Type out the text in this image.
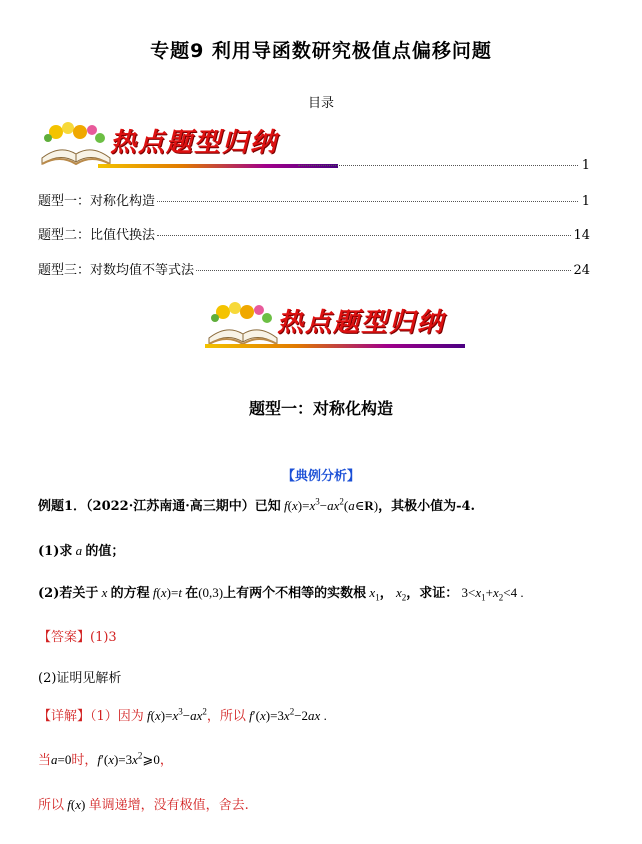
专题9 利用导函数研究极值点偏移问题
目录
热点题型归纳
1
题型一：对称化构造	1
题型二：比值代换法	14
题型三：对数均值不等式法	24
热点题型归纳
题型一：对称化构造
【典例分析】
例题1．（2022·江苏南通·高三期中）已知 $f(x)=x^3-ax^2(a\in R)$，其极小值为-4.
(1)求 a 的值；
(2)若关于 x 的方程 f(x)=t 在(0,3)上有两个不相等的实数根 $x_1$， $x_2$，求证： $3<x_1+x_2<4$ .
【答案】(1)3
(2)证明见解析
【详解】（1）因为 $f(x)=x^3-ax^2$，所以 $f'(x)=3x^2-2ax$ .
当a=0时，$f'(x)=3x^2⩾0$，
所以 f(x) 单调递增，没有极值，舍去.
